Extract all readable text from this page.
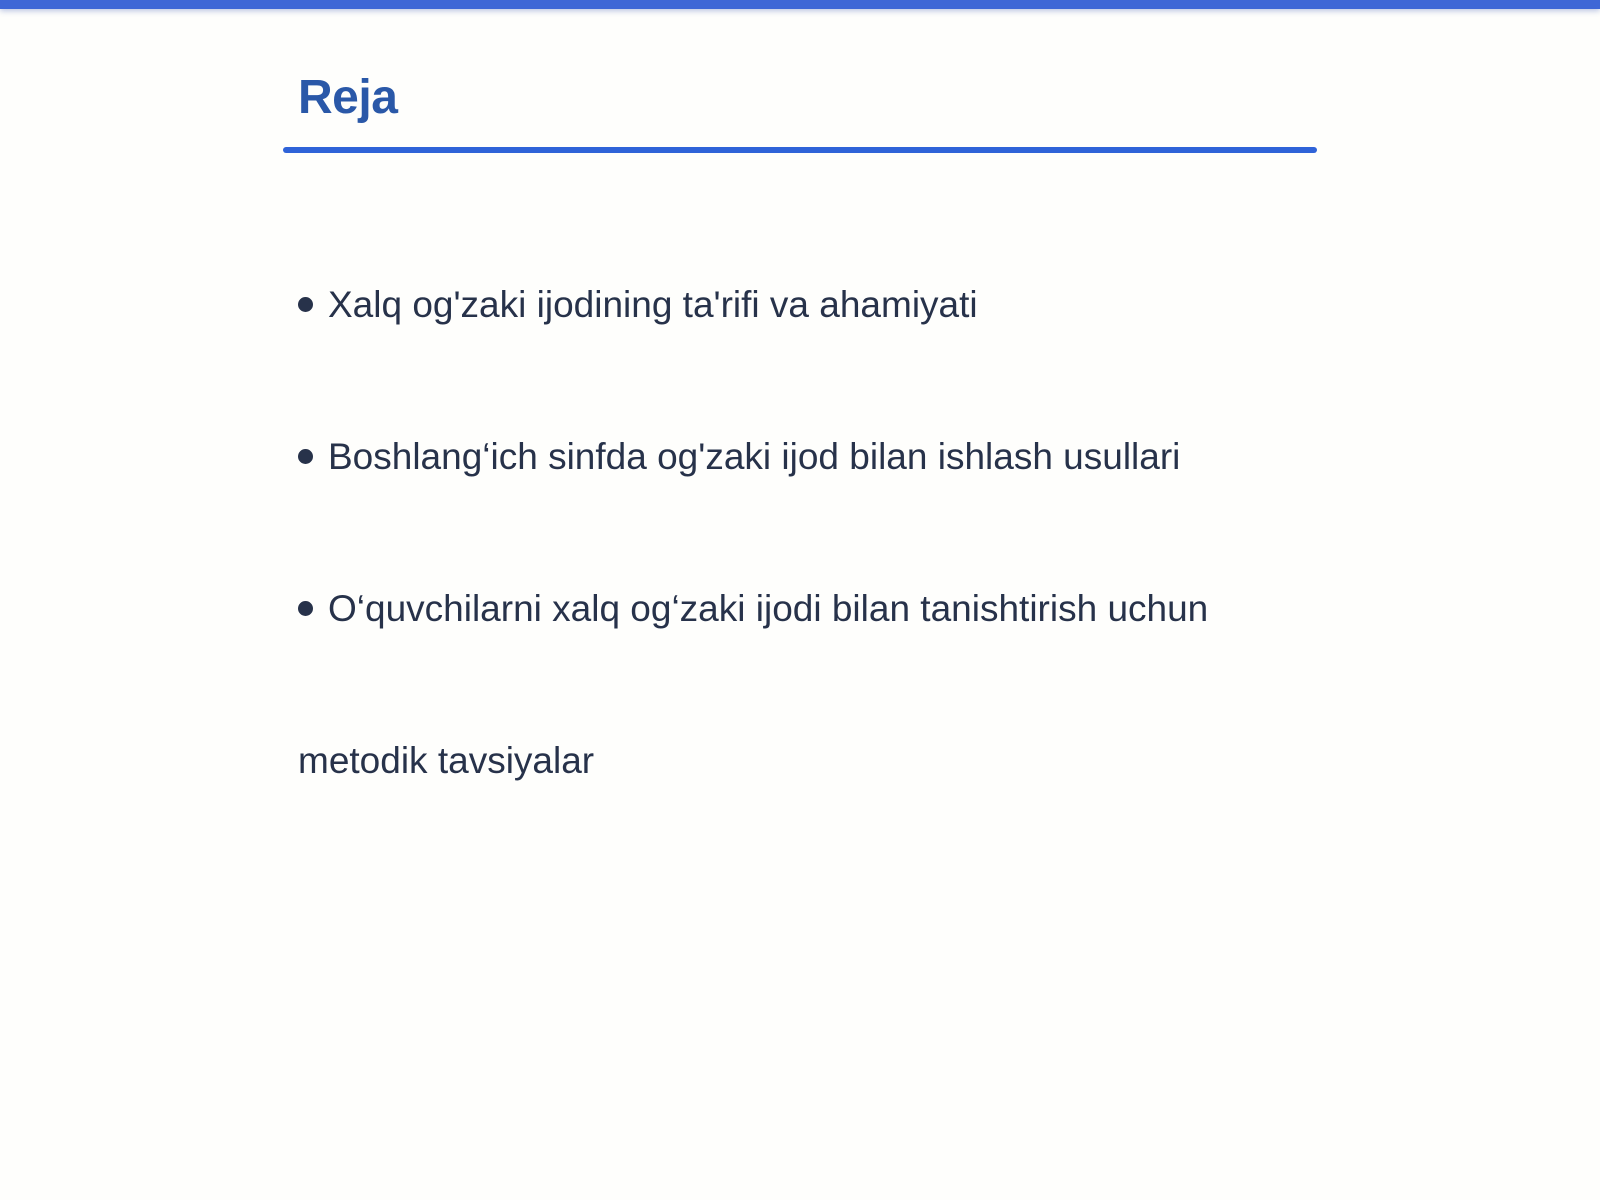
Reja
Xalq og'zaki ijodining ta'rifi va ahamiyati
Boshlang‘ich sinfda og'zaki ijod bilan ishlash usullari
O‘quvchilarni xalq og‘zaki ijodi bilan tanishtirish uchun
metodik tavsiyalar
